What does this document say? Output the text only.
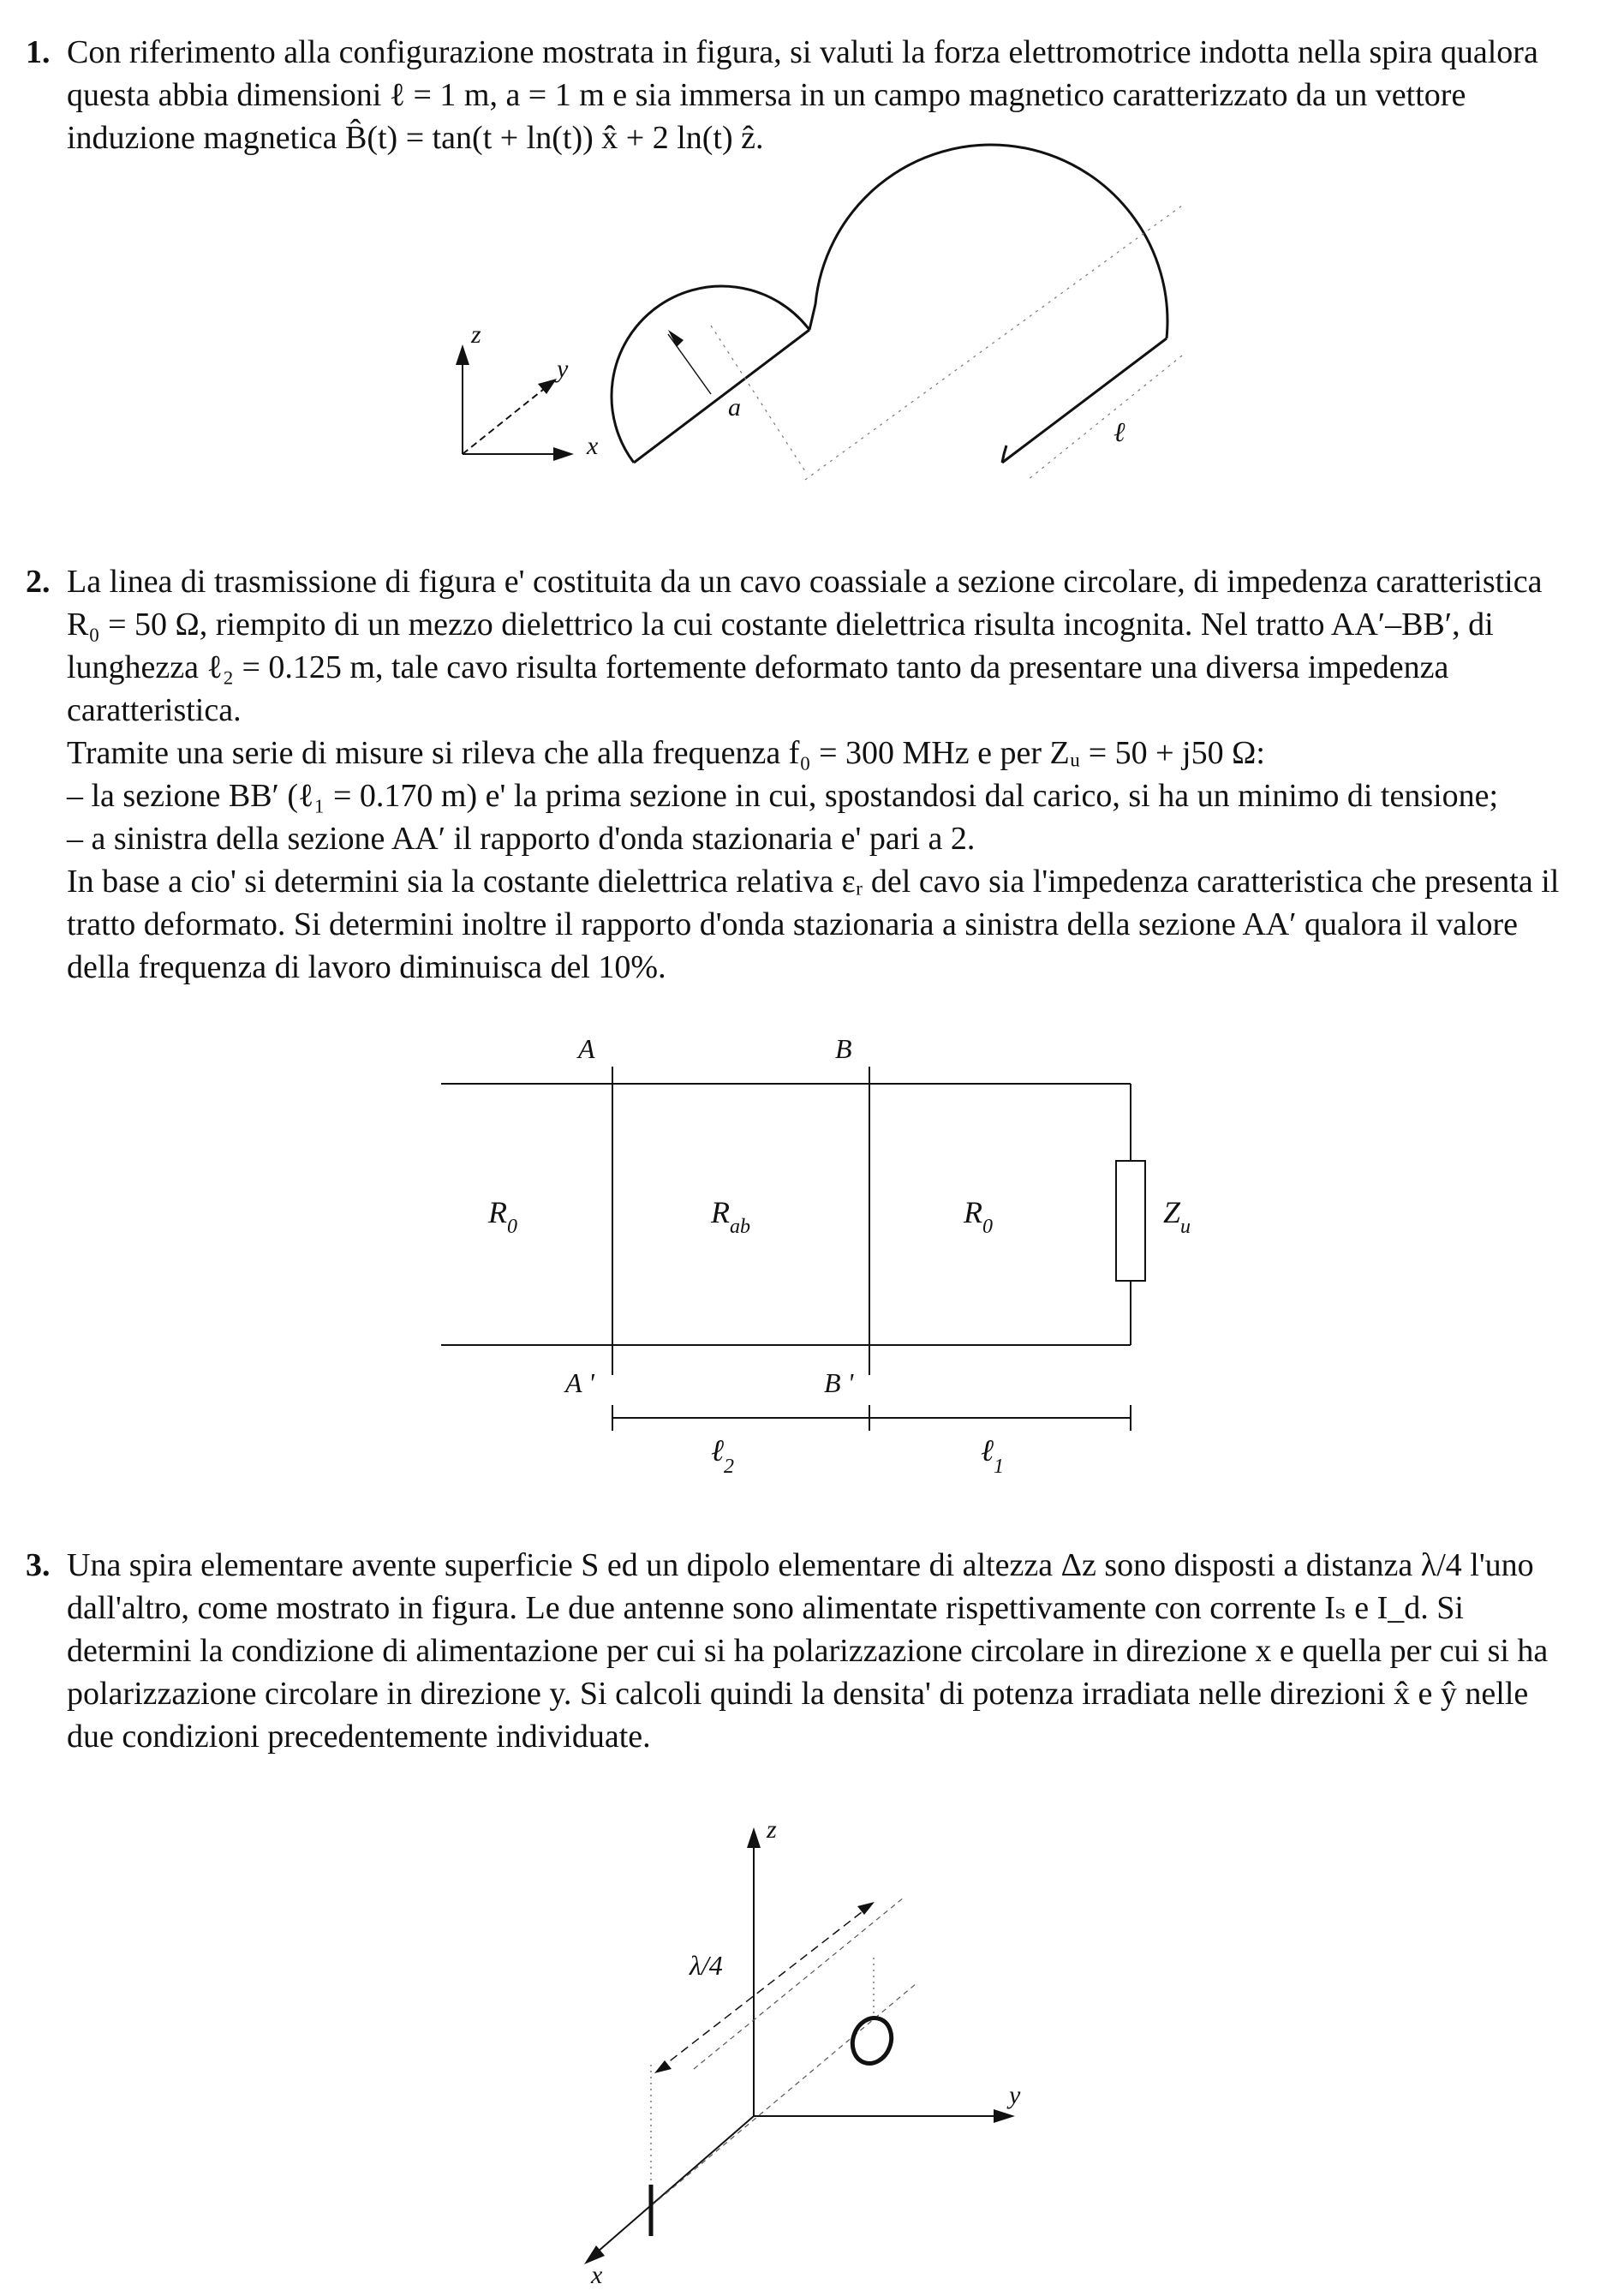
1. Con riferimento alla configurazione mostrata in figura, si valuti la forza elettromotrice indotta nella spira qualora questa abbia dimensioni ℓ = 1 m, a = 1 m e sia immersa in un campo magnetico caratterizzato da un vettore induzione magnetica B̂(t) = tan(t + ln(t)) x̂ + 2 ln(t) ẑ.

z
y
x
a
ℓ
2. La linea di trasmissione di figura e' costituita da un cavo coassiale a sezione circolare, di impedenza caratteristica R₀ = 50 Ω, riempito di un mezzo dielettrico la cui costante dielettrica risulta incognita. Nel tratto AA′–BB′, di lunghezza ℓ₂ = 0.125 m, tale cavo risulta fortemente deformato tanto da presentare una diversa impedenza caratteristica.

Tramite una serie di misure si rileva che alla frequenza f₀ = 300 MHz e per Zᵤ = 50 + j50 Ω:

– la sezione BB′ (ℓ₁ = 0.170 m) e' la prima sezione in cui, spostandosi dal carico, si ha un minimo di tensione;

– a sinistra della sezione AA′ il rapporto d'onda stazionaria e' pari a 2.

In base a cio' si determini sia la costante dielettrica relativa εᵣ del cavo sia l'impedenza caratteristica che presenta il tratto deformato. Si determini inoltre il rapporto d'onda stazionaria a sinistra della sezione AA′ qualora il valore della frequenza di lavoro diminuisca del 10%.

A	B
A '	B '
$R_0$	$R_{ab}$	$R_0$	$Z_u$
ℓ$_2$	ℓ$_1$
3. Una spira elementare avente superficie S ed un dipolo elementare di altezza Δz sono disposti a distanza λ/4 l'uno dall'altro, come mostrato in figura. Le due antenne sono alimentate rispettivamente con corrente Iₛ e I_d. Si determini la condizione di alimentazione per cui si ha polarizzazione circolare in direzione x e quella per cui si ha polarizzazione circolare in direzione y. Si calcoli quindi la densita' di potenza irradiata nelle direzioni x̂ e ŷ nelle due condizioni precedentemente individuate.

z
y
x
λ/4
